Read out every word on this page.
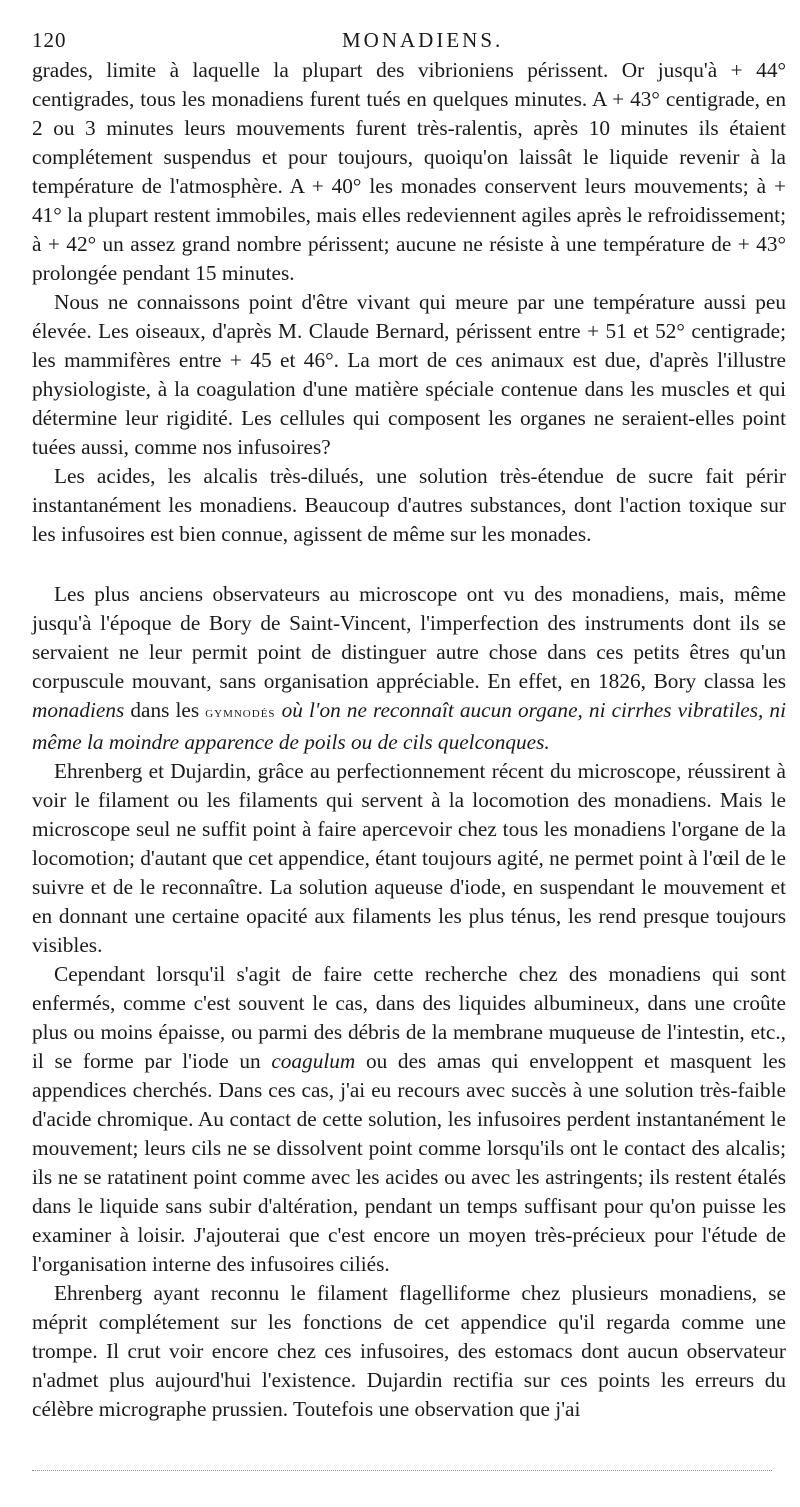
120	MONADIENS.

grades, limite à laquelle la plupart des vibrioniens périssent. Or jusqu'à + 44° centigrades, tous les monadiens furent tués en quelques minutes. A + 43° centigrade, en 2 ou 3 minutes leurs mouvements furent très-ralentis, après 10 minutes ils étaient complétement suspendus et pour toujours, quoiqu'on laissât le liquide revenir à la température de l'atmosphère. A + 40° les monades conservent leurs mouvements; à + 41° la plupart restent immobiles, mais elles redeviennent agiles après le refroidissement; à + 42° un assez grand nombre périssent; aucune ne résiste à une température de + 43° prolongée pendant 15 minutes.

Nous ne connaissons point d'être vivant qui meure par une température aussi peu élevée. Les oiseaux, d'après M. Claude Bernard, périssent entre + 51 et 52° centigrade; les mammifères entre + 45 et 46°. La mort de ces animaux est due, d'après l'illustre physiologiste, à la coagulation d'une matière spéciale contenue dans les muscles et qui détermine leur rigidité. Les cellules qui composent les organes ne seraient-elles point tuées aussi, comme nos infusoires?

Les acides, les alcalis très-dilués, une solution très-étendue de sucre fait périr instantanément les monadiens. Beaucoup d'autres substances, dont l'action toxique sur les infusoires est bien connue, agissent de même sur les monades.

Les plus anciens observateurs au microscope ont vu des monadiens, mais, même jusqu'à l'époque de Bory de Saint-Vincent, l'imperfection des instruments dont ils se servaient ne leur permit point de distinguer autre chose dans ces petits êtres qu'un corpuscule mouvant, sans organisation appréciable. En effet, en 1826, Bory classa les monadiens dans les gymnodés où l'on ne reconnaît aucun organe, ni cirrhes vibratiles, ni même la moindre apparence de poils ou de cils quelconques.

Ehrenberg et Dujardin, grâce au perfectionnement récent du microscope, réussirent à voir le filament ou les filaments qui servent à la locomotion des monadiens. Mais le microscope seul ne suffit point à faire apercevoir chez tous les monadiens l'organe de la locomotion; d'autant que cet appendice, étant toujours agité, ne permet point à l'œil de le suivre et de le reconnaître. La solution aqueuse d'iode, en suspendant le mouvement et en donnant une certaine opacité aux filaments les plus ténus, les rend presque toujours visibles.

Cependant lorsqu'il s'agit de faire cette recherche chez des monadiens qui sont enfermés, comme c'est souvent le cas, dans des liquides albumineux, dans une croûte plus ou moins épaisse, ou parmi des débris de la membrane muqueuse de l'intestin, etc., il se forme par l'iode un coagulum ou des amas qui enveloppent et masquent les appendices cherchés. Dans ces cas, j'ai eu recours avec succès à une solution très-faible d'acide chromique. Au contact de cette solution, les infusoires perdent instantanément le mouvement; leurs cils ne se dissolvent point comme lorsqu'ils ont le contact des alcalis; ils ne se ratatinent point comme avec les acides ou avec les astringents; ils restent étalés dans le liquide sans subir d'altération, pendant un temps suffisant pour qu'on puisse les examiner à loisir. J'ajouterai que c'est encore un moyen très-précieux pour l'étude de l'organisation interne des infusoires ciliés.

Ehrenberg ayant reconnu le filament flagelliforme chez plusieurs monadiens, se méprit complétement sur les fonctions de cet appendice qu'il regarda comme une trompe. Il crut voir encore chez ces infusoires, des estomacs dont aucun observateur n'admet plus aujourd'hui l'existence. Dujardin rectifia sur ces points les erreurs du célèbre micrographe prussien. Toutefois une observation que j'ai
